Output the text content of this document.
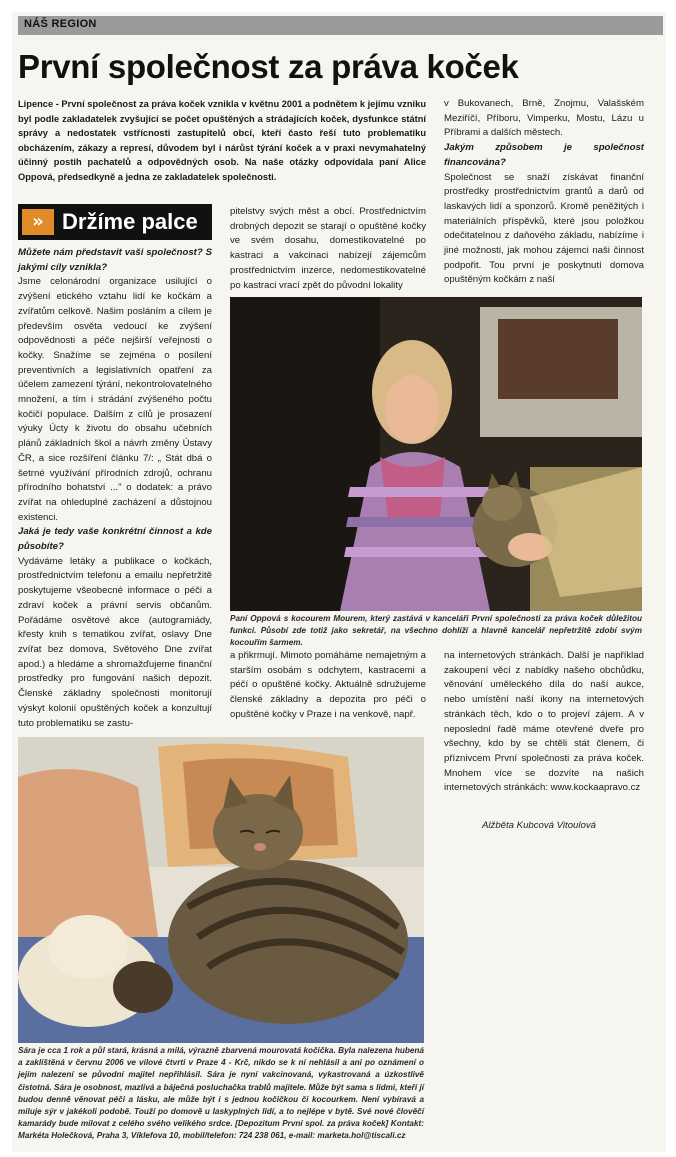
NÁŠ REGION
První společnost za práva koček

Lipence - První společnost za práva koček vznikla v květnu 2001 a podnětem k jejímu vzniku byl podle zakladatelek zvyšující se počet opuštěných a strádajících koček, dysfunkce státní správy a nedostatek vstřícnosti zastupitelů obcí, kteří často řeší tuto problematiku obcházením, zákazy a represí, důvodem byl i nárůst týrání koček a v praxi nevymahatelný účinný postih pachatelů a odpovědných osob. Na naše otázky odpovídala paní Alice Oppová, předsedkyně a jedna ze zakladatelek společnosti.

» Držíme palce

Můžete nám představit vaši společnost? S jakými cíly vznikla?

Jsme celonárodní organizace usilující o zvýšení etického vztahu lidí ke kočkám a zvířatům celkově. Našim posláním a cílem je především osvěta vedoucí ke zvýšení odpovědnosti a péče nejširší veřejnosti o kočky. Snažíme se zejména o posílení preventivních a legislativních opatření za účelem zamezení týrání, nekontrolovatelného množení, a tím i strádání zvýšeného počtu kočičí populace. Dalším z cílů je prosazení výuky Úcty k životu do obsahu učebních plánů základních škol a návrh změny Ústavy ČR, a sice rozšíření článku 7/: „ Stát dbá o šetrné využívání přírodních zdrojů, ochranu přírodního bohatství ..." o dodatek: a právo zvířat na ohleduplné zacházení a důstojnou existenci.

Jaká je tedy vaše konkrétní činnost a kde působíte?

Vydáváme letáky a publikace o kočkách, prostřednictvím telefonu a emailu nepřetržitě poskytujeme všeobecné informace o péči a zdraví koček a právní servis občanům. Pořádáme osvětové akce (autogramiády, křesty knih s tematikou zvířat, oslavy Dne zvířat bez domova, Světového Dne zvířat apod.) a hledáme a shromažďujeme finanční prostředky pro fungování našich depozit. Členské základny společnosti monitorují výskyt kolonií opuštěných koček a konzultují tuto problematiku se zastu-

pitelstvy svých měst a obcí. Prostřednictvím drobných depozit se starají o opuštěné kočky ve svém dosahu, domestikovatelné po kastraci a vakcinaci nabízejí zájemcům prostřednictvím inzerce, nedomestikovatelné po kastraci vrací zpět do původní lokality

v Bukovanech, Brně, Znojmu, Valašském Meziříčí, Příboru, Vimperku, Mostu, Lázu u Příbrami a dalších městech.

Jakým způsobem je společnost financována?

Společnost se snaží získávat finanční prostředky prostřednictvím grantů a darů od laskavých lidí a sponzorů. Kromě peněžitých i materiálních příspěvků, které jsou položkou odečitatelnou z daňového základu, nabízíme i jiné možnosti, jak mohou zájemci naši činnost podpořit. Tou první je poskytnutí domova opuštěným kočkám z naší

Paní Oppová s kocourem Mourem, který zastává v kanceláři První společnosti za práva koček důležitou funkci. Působí zde totiž jako sekretář, na všechno dohlíží a hlavně kancelář nepřetržitě zdobí svým kocouřím šarmem.

a přikrmují. Mimoto pomáháme nemajetným a starším osobám s odchytem, kastracemi a péčí o opuštěné kočky. Aktuálně sdružujeme členské základny a depozita pro péči o opuštěné kočky v Praze i na venkově, např.

na internetových stránkách. Další je například zakoupení věcí z nabídky našeho obchůdku, věnování uměleckého díla do naší aukce, nebo umístění naší ikony na internetových stránkách těch, kdo o to projeví zájem. A v neposlední řadě máme otevřené dveře pro všechny, kdo by se chtěli stát členem, či příznivcem První společnosti za práva koček. Mnohem více se dozvíte na našich internetových stránkách: www.kockaapravo.cz

Alžběta Kubcová Vitoulová

Sára je cca 1 rok a půl stará, krásná a milá, výrazně zbarvená mourovatá kočička. Byla nalezena hubená a zaklíštěná v červnu 2006 ve vilové čtvrti v Praze 4 - Krč, nikdo se k ní nehlásil a ani po oznámení o jejím nalezení se původní majitel nepřihlásil. Sára je nyní vakcinovaná, vykastrovaná a úzkostlivě čistotná. Sára je osobnost, mazlivá a báječná posluchačka trablů majitele. Může být sama s lidmi, kteří jí budou denně věnovat péči a lásku, ale může být i s jednou kočičkou či kocourkem. Není vybíravá a miluje sýr v jakékoli podobě. Touží po domově u laskyplných lidí, a to nejlépe v bytě. Své nové člověčí kamarády bude milovat z celého svého velikého srdce. [Depozitum První spol. za práva koček] Kontakt: Markéta Holečková, Praha 3, Víklefova 10, mobil/telefon: 724 238 061, e-mail: marketa.hol@tiscali.cz
